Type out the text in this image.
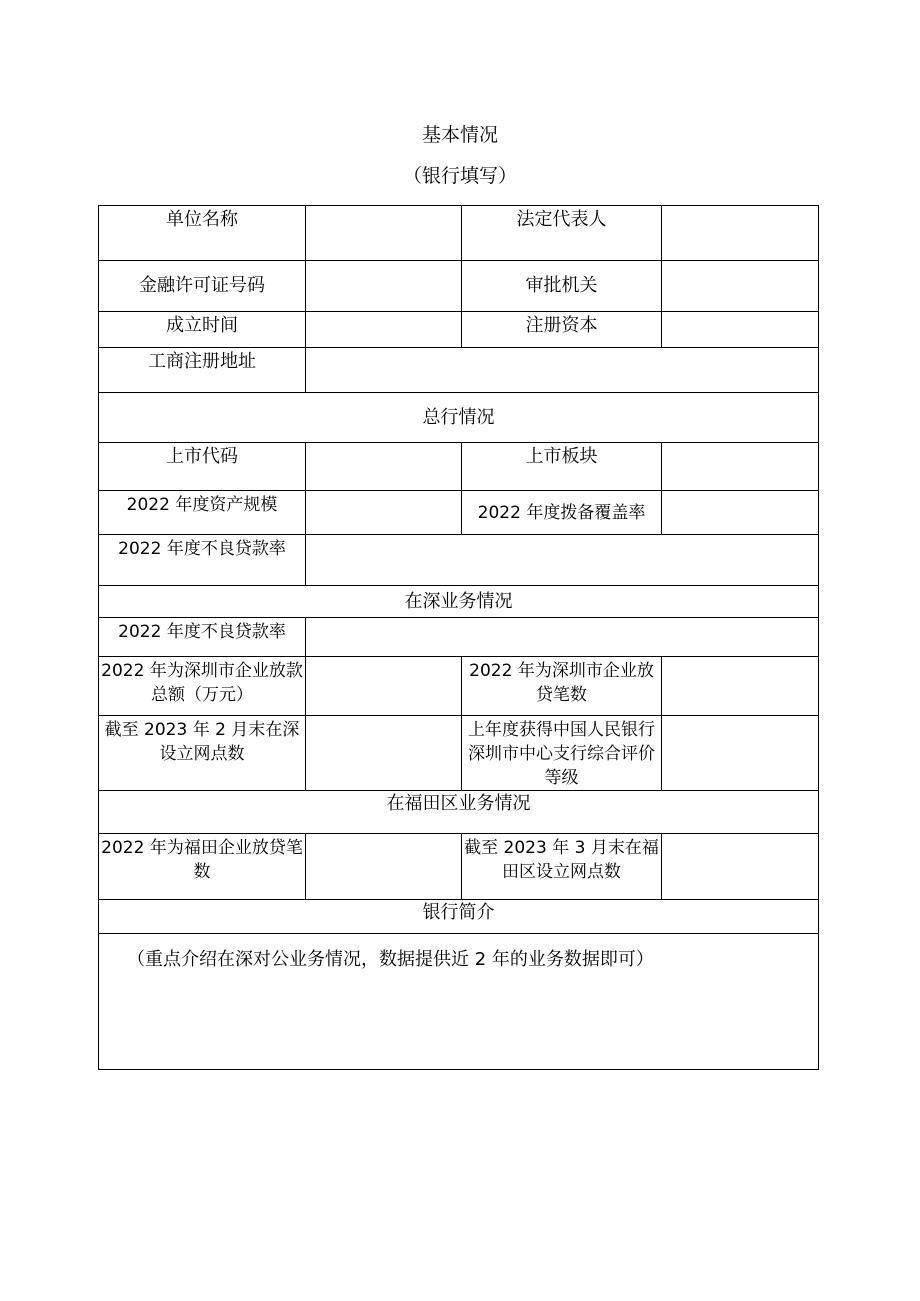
基本情况
（银行填写）
单位名称		法定代表人	
金融许可证号码		审批机关	
成立时间		注册资本	
工商注册地址			
总行情况			
上市代码		上市板块	
2022 年度资产规模		2022 年度拨备覆盖率	
2022 年度不良贷款率			
在深业务情况			
2022 年度不良贷款率			
2022 年为深圳市企业放款总额（万元）		2022 年为深圳市企业放贷笔数	
截至 2023 年 2 月末在深设立网点数		上年度获得中国人民银行深圳市中心支行综合评价等级	
在福田区业务情况			
2022 年为福田企业放贷笔数		截至 2023 年 3 月末在福田区设立网点数	
银行简介			
（重点介绍在深对公业务情况，数据提供近 2 年的业务数据即可）			
